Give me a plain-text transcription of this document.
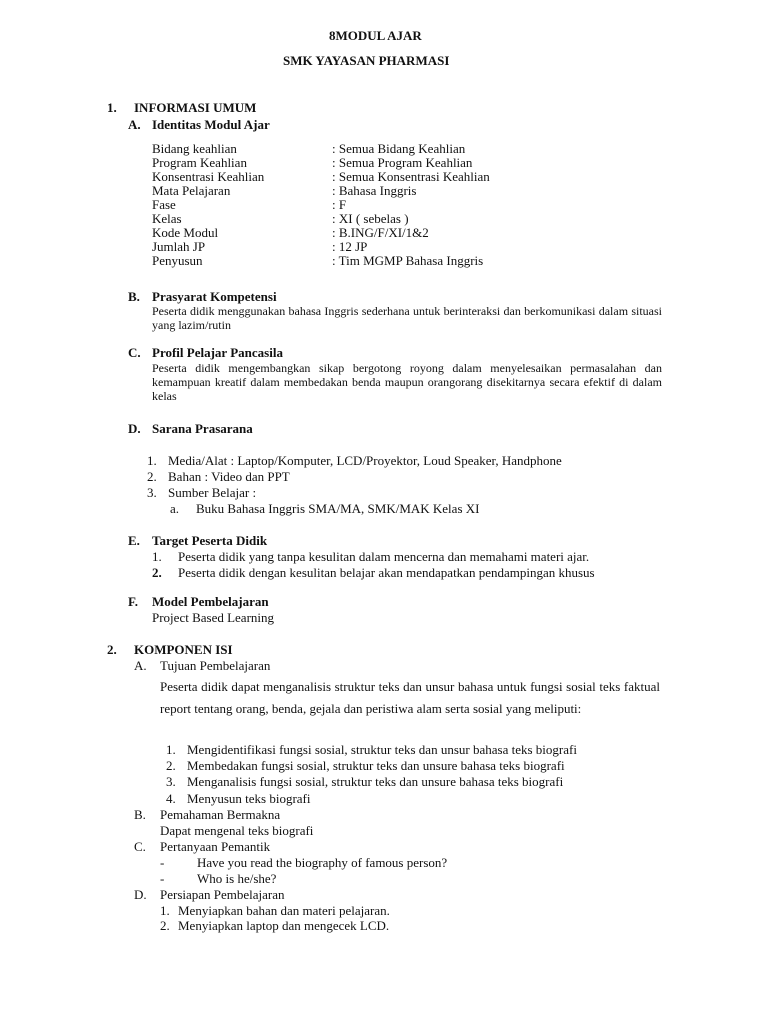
8MODUL AJAR
SMK YAYASAN PHARMASI
1. INFORMASI UMUM
A. Identitas Modul Ajar
Bidang keahlian	: Semua Bidang Keahlian
Program Keahlian	: Semua Program Keahlian
Konsentrasi Keahlian	: Semua Konsentrasi Keahlian
Mata Pelajaran	: Bahasa Inggris
Fase	: F
Kelas	: XI ( sebelas )
Kode Modul	: B.ING/F/XI/1&2
Jumlah JP	: 12 JP
Penyusun	: Tim MGMP Bahasa Inggris
B. Prasyarat Kompetensi
Peserta didik menggunakan bahasa Inggris sederhana untuk berinteraksi dan berkomunikasi dalam situasi yang lazim/rutin
C. Profil Pelajar Pancasila
Peserta didik mengembangkan sikap bergotong royong dalam menyelesaikan permasalahan dan kemampuan kreatif dalam membedakan benda maupun orangorang disekitarnya secara efektif di dalam kelas
D. Sarana Prasarana
1. Media/Alat : Laptop/Komputer, LCD/Proyektor, Loud Speaker, Handphone
2. Bahan : Video dan PPT
3. Sumber Belajar :
a. Buku Bahasa Inggris SMA/MA, SMK/MAK Kelas XI
E. Target Peserta Didik
1. Peserta didik yang tanpa kesulitan dalam mencerna dan memahami materi ajar.
2. Peserta didik dengan kesulitan belajar akan mendapatkan pendampingan khusus
F. Model Pembelajaran
Project Based Learning
2. KOMPONEN ISI
A. Tujuan Pembelajaran
Peserta didik dapat menganalisis struktur teks dan unsur bahasa untuk fungsi sosial teks faktual report tentang orang, benda, gejala dan peristiwa alam serta sosial yang meliputi:
1. Mengidentifikasi fungsi sosial, struktur teks dan unsur bahasa teks biografi
2. Membedakan fungsi sosial, struktur teks dan unsure bahasa teks biografi
3. Menganalisis fungsi sosial, struktur teks dan unsure bahasa teks biografi
4. Menyusun teks biografi
B. Pemahaman Bermakna
Dapat mengenal teks biografi
C. Pertanyaan Pemantik
-	Have you read the biography of famous person?
-	Who is he/she?
D. Persiapan Pembelajaran
1. Menyiapkan bahan dan materi pelajaran.
2. Menyiapkan laptop dan mengecek LCD.
